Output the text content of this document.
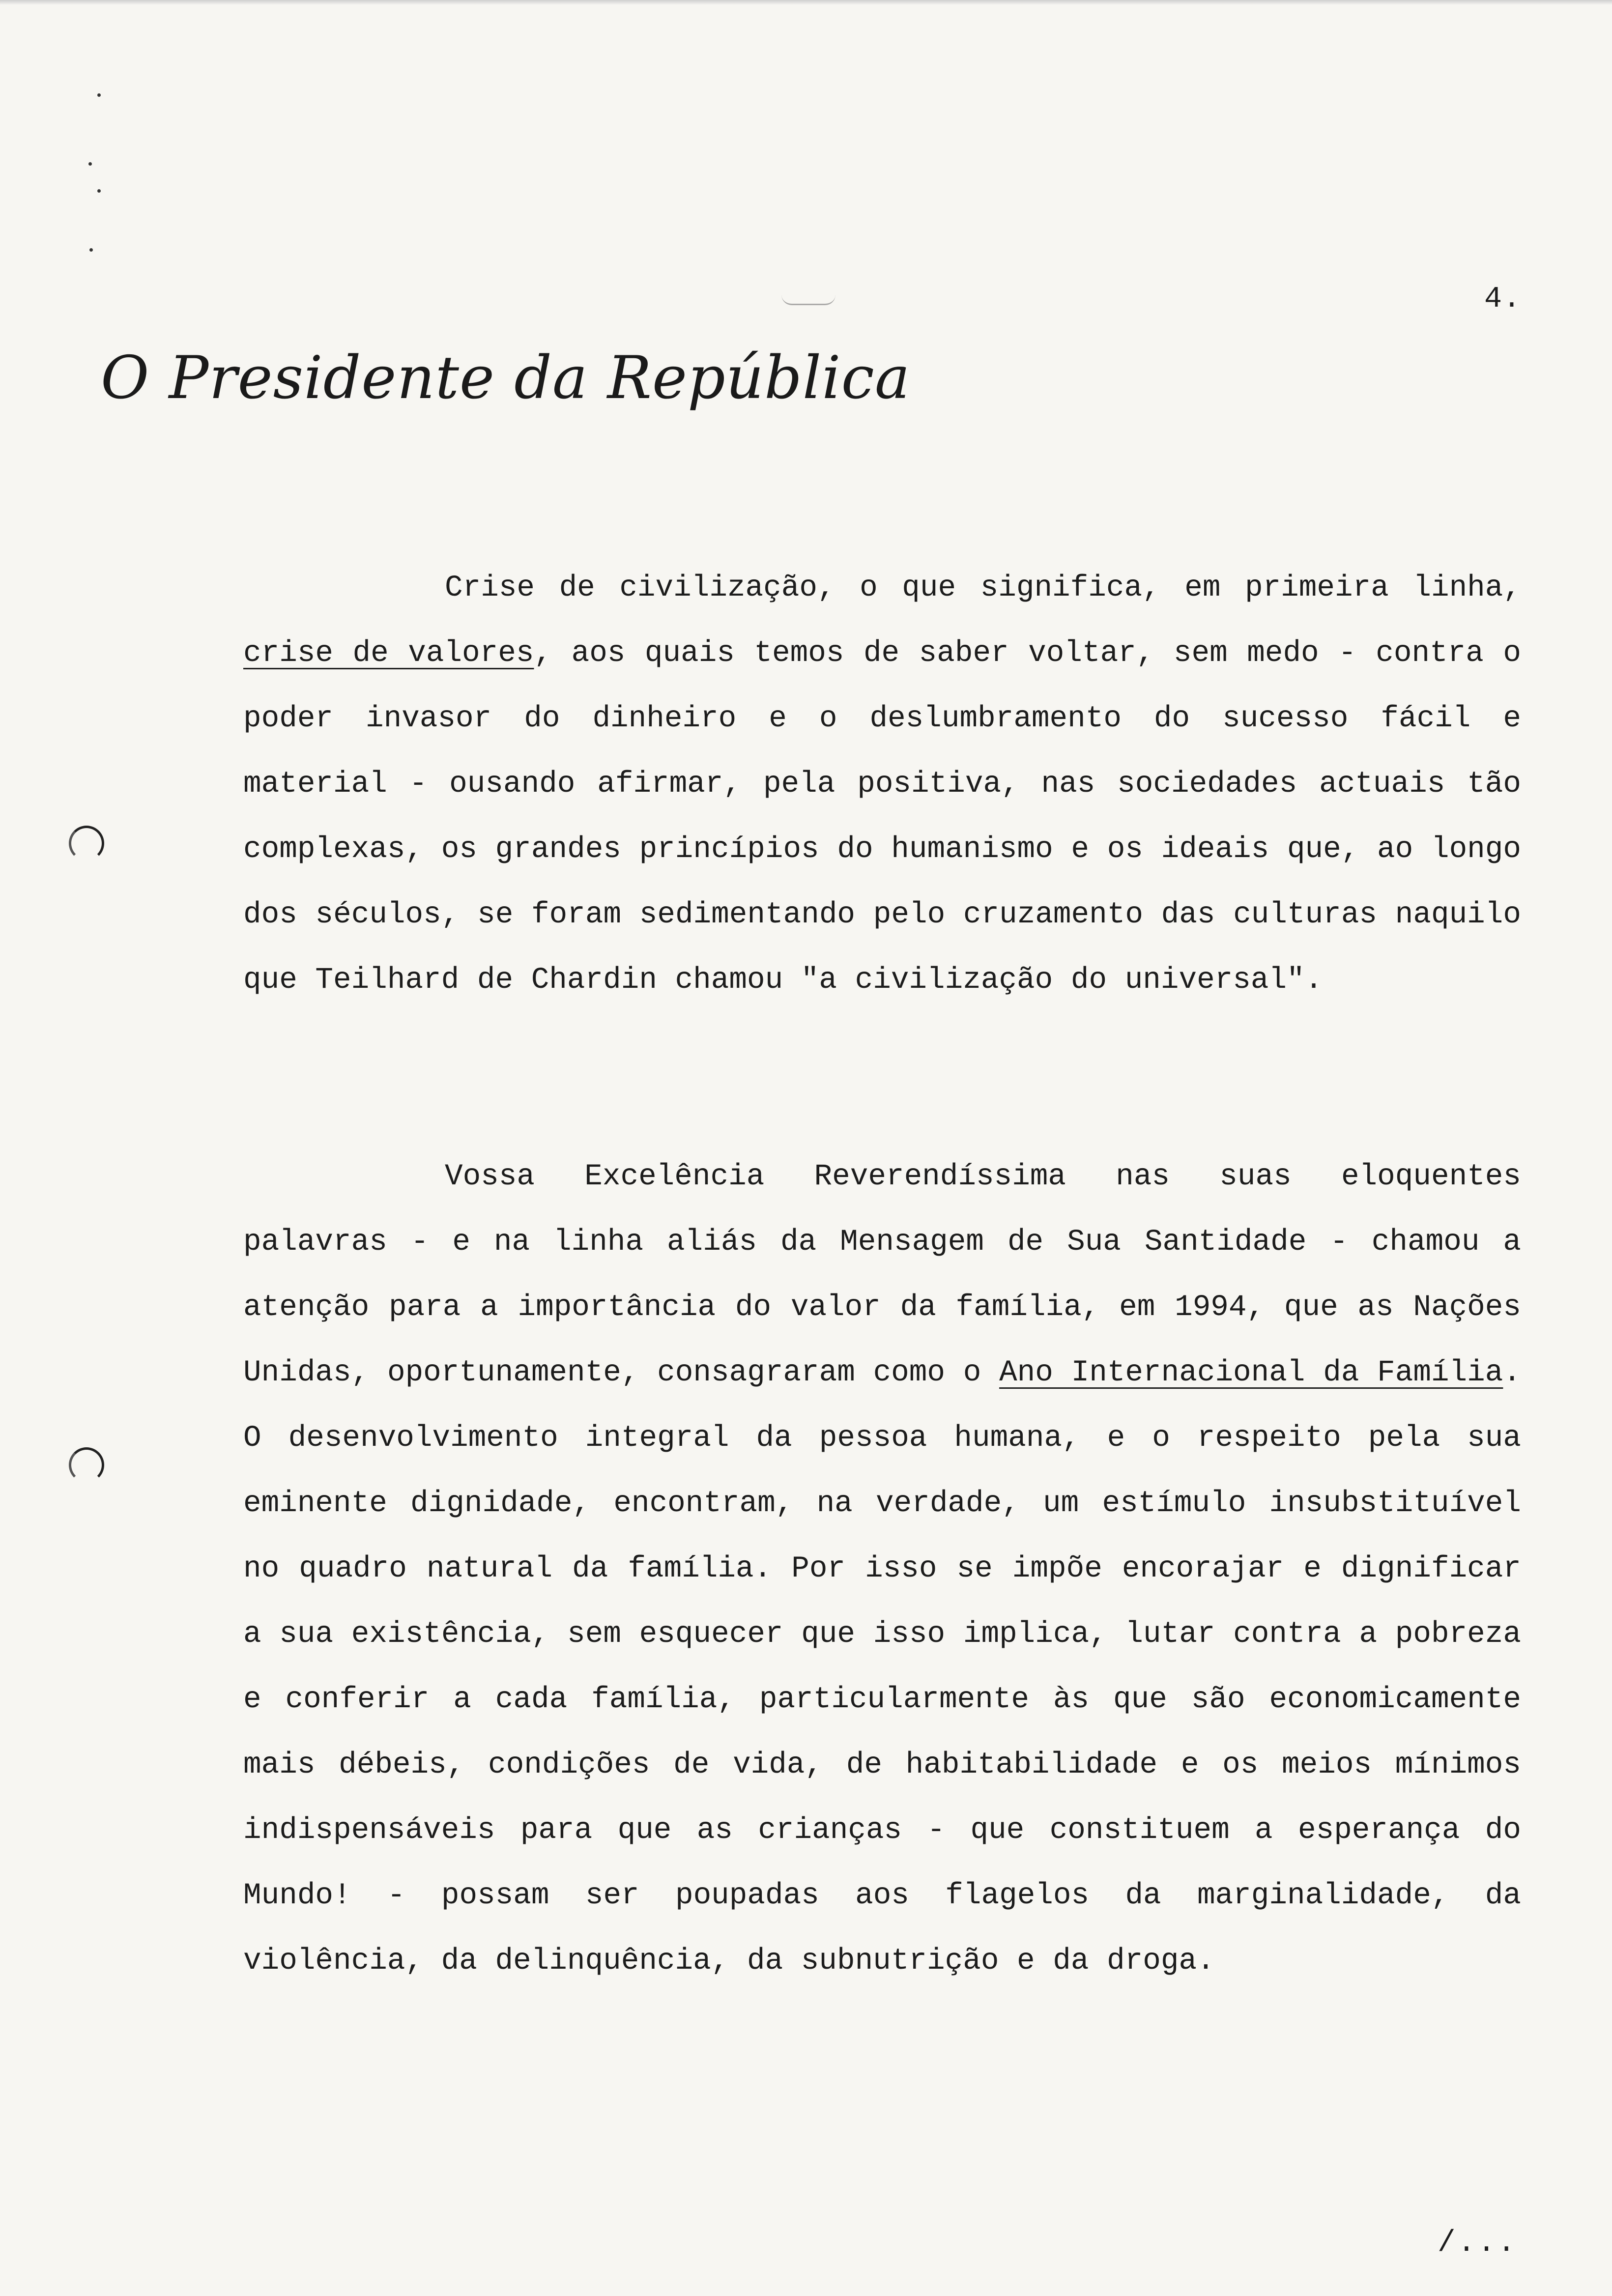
4.
O Presidente da República

Crise de civilização, o que significa, em primeira linha, crise de valores, aos quais temos de saber voltar, sem medo - contra o poder invasor do dinheiro e o deslumbramento do sucesso fácil e material - ousando afirmar, pela positiva, nas sociedades actuais tão complexas, os grandes princípios do humanismo e os ideais que, ao longo dos séculos, se foram sedimentando pelo cruzamento das culturas naquilo que Teilhard de Chardin chamou "a civilização do universal".

Vossa Excelência Reverendíssima nas suas eloquentes palavras - e na linha aliás da Mensagem de Sua Santidade - chamou a atenção para a importância do valor da família, em 1994, que as Nações Unidas, oportunamente, consagraram como o Ano Internacional da Família. O desenvolvimento integral da pessoa humana, e o respeito pela sua eminente dignidade, encontram, na verdade, um estímulo insubstituível no quadro natural da família. Por isso se impõe encorajar e dignificar a sua existência, sem esquecer que isso implica, lutar contra a pobreza e conferir a cada família, particularmente às que são economicamente mais débeis, condições de vida, de habitabilidade e os meios mínimos indispensáveis para que as crianças - que constituem a esperança do Mundo! - possam ser poupadas aos flagelos da marginalidade, da violência, da delinquência, da subnutrição e da droga.

/...
